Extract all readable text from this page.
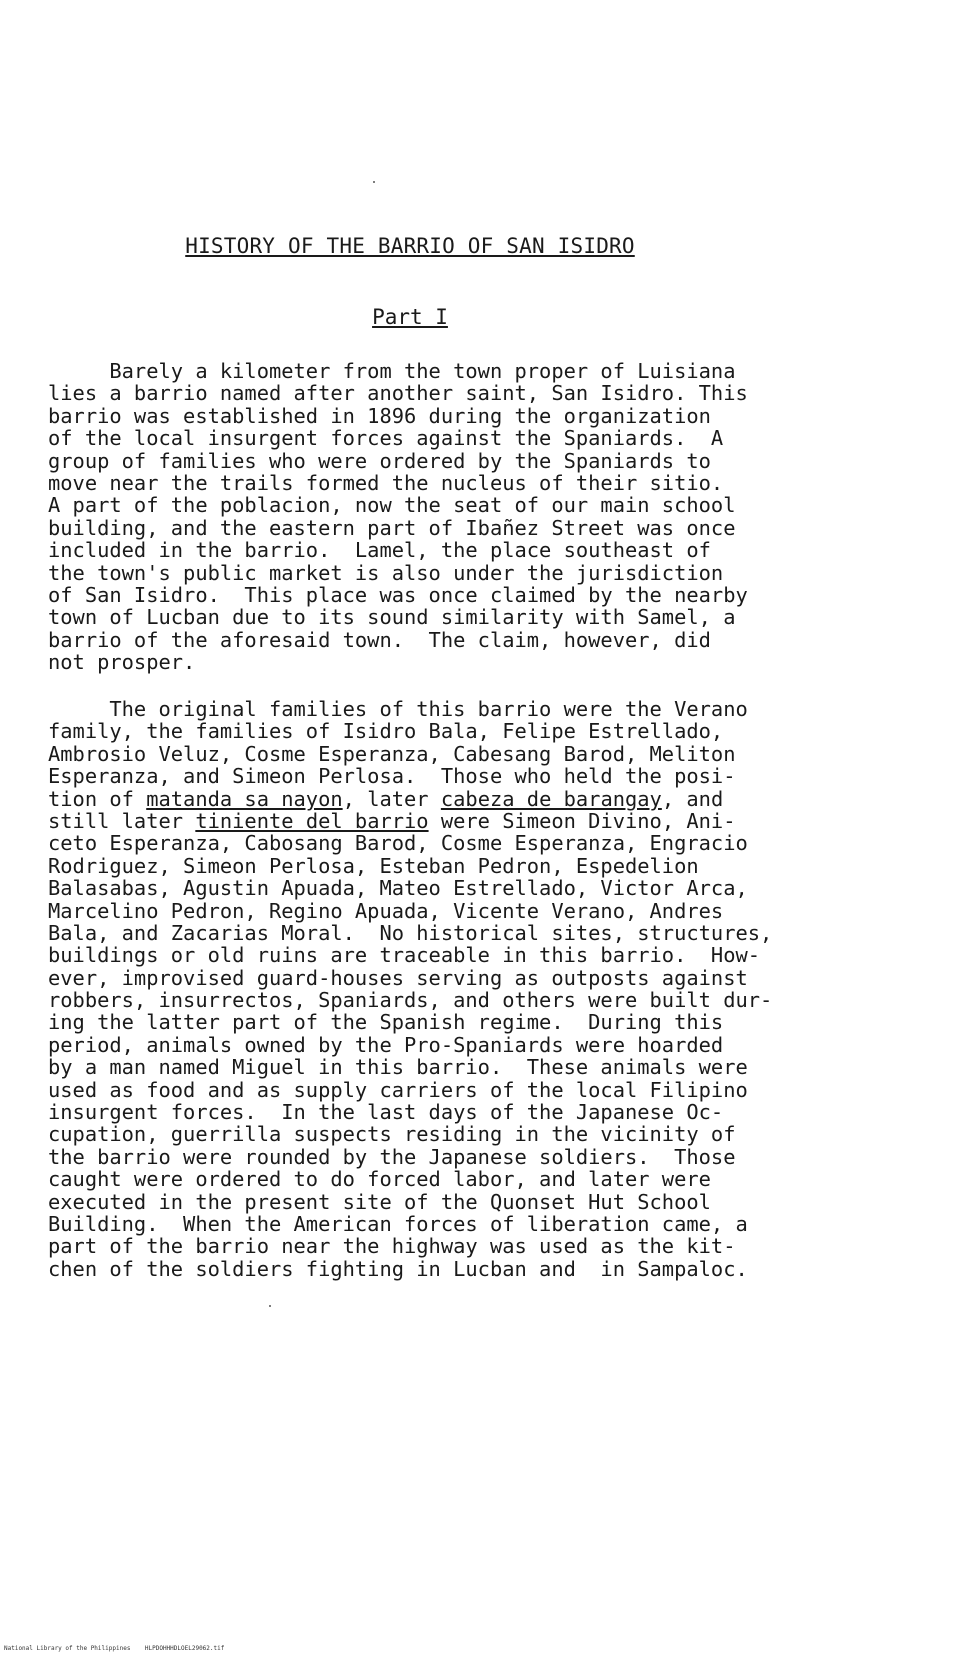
HISTORY OF THE BARRIO OF SAN ISIDRO
Part I
Barely a kilometer from the town proper of Luisiana
lies a barrio named after another saint, San Isidro. This
barrio was established in 1896 during the organization
of the local insurgent forces against the Spaniards.  A
group of families who were ordered by the Spaniards to
move near the trails formed the nucleus of their sitio.
A part of the poblacion, now the seat of our main school
building, and the eastern part of Ibañez Street was once
included in the barrio.  Lamel, the place southeast of
the town's public market is also under the jurisdiction
of San Isidro.  This place was once claimed by the nearby
town of Lucban due to its sound similarity with Samel, a
barrio of the aforesaid town.  The claim, however, did
not prosper.
The original families of this barrio were the Verano
family, the families of Isidro Bala, Felipe Estrellado,
Ambrosio Veluz, Cosme Esperanza, Cabesang Barod, Meliton
Esperanza, and Simeon Perlosa.  Those who held the posi-
tion of matanda sa nayon, later cabeza de barangay, and
still later tiniente del barrio were Simeon Divino, Ani-
ceto Esperanza, Cabosang Barod, Cosme Esperanza, Engracio
Rodriguez, Simeon Perlosa, Esteban Pedron, Espedelion
Balasabas, Agustin Apuada, Mateo Estrellado, Victor Arca,
Marcelino Pedron, Regino Apuada, Vicente Verano, Andres
Bala, and Zacarias Moral.  No historical sites, structures,
buildings or old ruins are traceable in this barrio.  How-
ever, improvised guard-houses serving as outposts against
robbers, insurrectos, Spaniards, and others were built dur-
ing the latter part of the Spanish regime.  During this
period, animals owned by the Pro-Spaniards were hoarded
by a man named Miguel in this barrio.  These animals were
used as food and as supply carriers of the local Filipino
insurgent forces.  In the last days of the Japanese Oc-
cupation, guerrilla suspects residing in the vicinity of
the barrio were rounded by the Japanese soldiers.  Those
caught were ordered to do forced labor, and later were
executed in the present site of the Quonset Hut School
Building.  When the American forces of liberation came, a
part of the barrio near the highway was used as the kit-
chen of the soldiers fighting in Lucban and  in Sampaloc.
National Library of the Philippines    HLPDOHHHDLOEL29062.tif
